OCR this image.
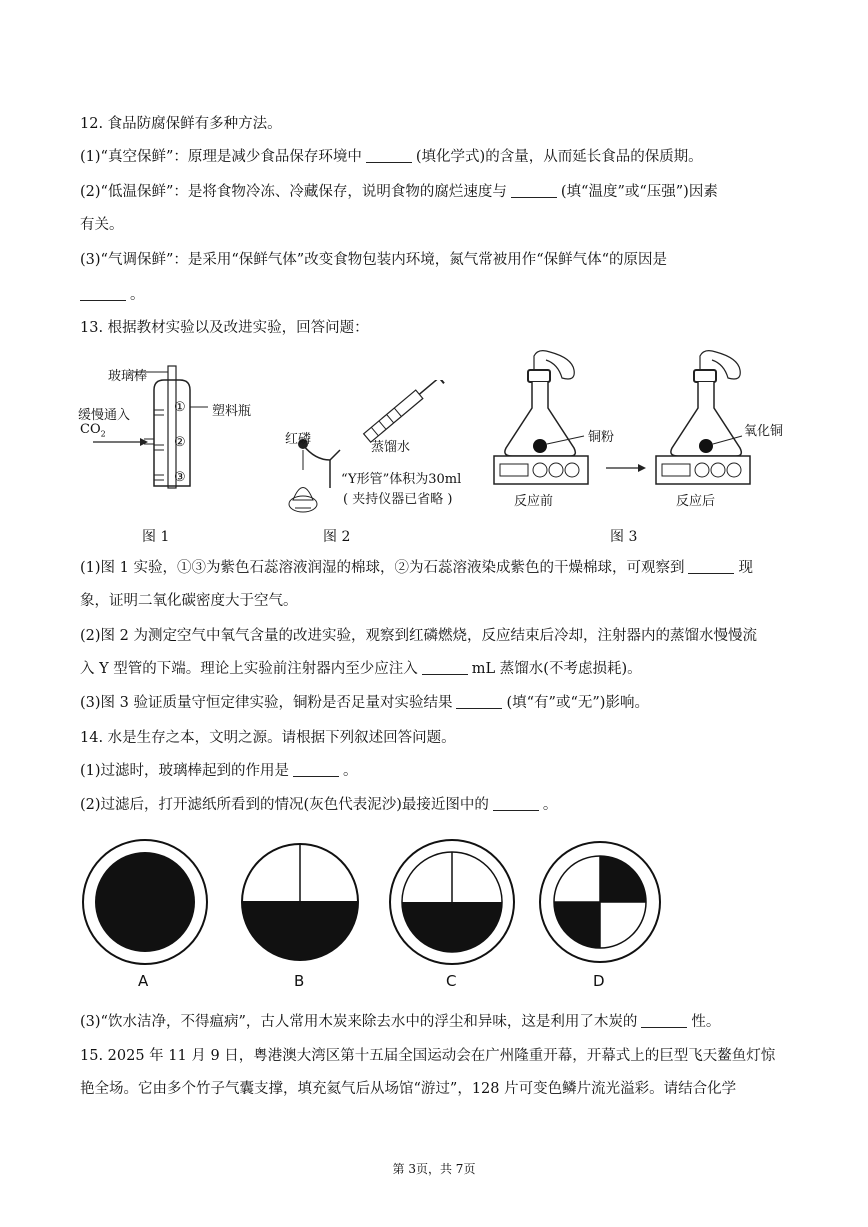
12. 食品防腐保鲜有多种方法。
(1)“真空保鲜”：原理是减少食品保存环境中	(填化学式)的含量，从而延长食品的保质期。
(2)“低温保鲜”：是将食物冷冻、冷藏保存，说明食物的腐烂速度与	(填“温度”或“压强”)因素
有关。
(3)“气调保鲜”：是采用“保鲜气体”改变食物包装内环境，氮气常被用作“保鲜气体“的原因是
。
13. 根据教材实验以及改进实验，回答问题：
玻璃棒
塑料瓶
缓慢通入
$CO_2$
①
②
③
图 1
红磷
蒸馏水
“Y形管”体积为30ml
( 夹持仪器已省略 )
图 2
铜粉	氧化铜
反应前	反应后
图 3
(1)图 1 实验，①③为紫色石蕊溶液润湿的棉球，②为石蕊溶液染成紫色的干燥棉球，可观察到	现
象，证明二氧化碳密度大于空气。
(2)图 2 为测定空气中氧气含量的改进实验，观察到红磷燃烧，反应结束后冷却，注射器内的蒸馏水慢慢流
入 Y 型管的下端。理论上实验前注射器内至少应注入	mL 蒸馏水(不考虑损耗)。
(3)图 3 验证质量守恒定律实验，铜粉是否足量对实验结果	(填“有”或“无”)影响。
14. 水是生存之本，文明之源。请根据下列叙述回答问题。
(1)过滤时，玻璃棒起到的作用是	。
(2)过滤后，打开滤纸所看到的情况(灰色代表泥沙)最接近图中的	。
A	B	C	D
(3)“饮水洁净，不得瘟病”，古人常用木炭来除去水中的浮尘和异味，这是利用了木炭的	性。
15. 2025 年 11 月 9 日，粤港澳大湾区第十五届全国运动会在广州隆重开幕，开幕式上的巨型飞天鳌鱼灯惊
艳全场。它由多个竹子气囊支撑，填充氦气后从场馆“游过”，128 片可变色鳞片流光溢彩。请结合化学
第 3页，共 7页
